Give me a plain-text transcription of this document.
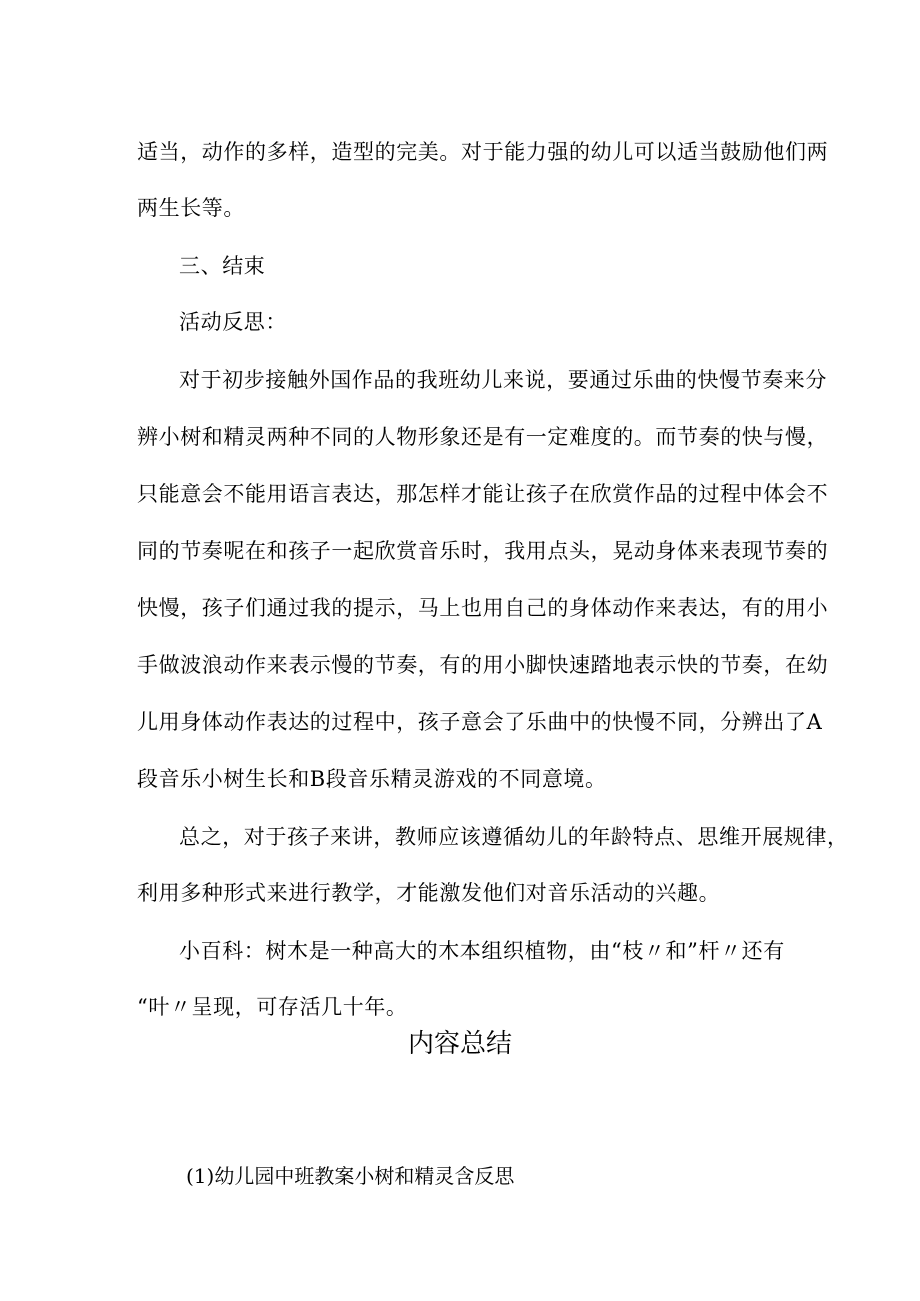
适当，动作的多样，造型的完美。对于能力强的幼儿可以适当鼓励他们两
两生长等。
三、结束
活动反思：
对于初步接触外国作品的我班幼儿来说，要通过乐曲的快慢节奏来分
辨小树和精灵两种不同的人物形象还是有一定难度的。而节奏的快与慢，
只能意会不能用语言表达，那怎样才能让孩子在欣赏作品的过程中体会不
同的节奏呢在和孩子一起欣赏音乐时，我用点头，晃动身体来表现节奏的
快慢，孩子们通过我的提示，马上也用自己的身体动作来表达，有的用小
手做波浪动作来表示慢的节奏，有的用小脚快速踏地表示快的节奏，在幼
儿用身体动作表达的过程中，孩子意会了乐曲中的快慢不同，分辨出了A
段音乐小树生长和B段音乐精灵游戏的不同意境。
总之，对于孩子来讲，教师应该遵循幼儿的年龄特点、思维开展规律，
利用多种形式来进行教学，才能激发他们对音乐活动的兴趣。
小百科：树木是一种高大的木本组织植物，由“枝〃和”杆〃还有
“叶〃呈现，可存活几十年。
内容总结
(1)幼儿园中班教案小树和精灵含反思
